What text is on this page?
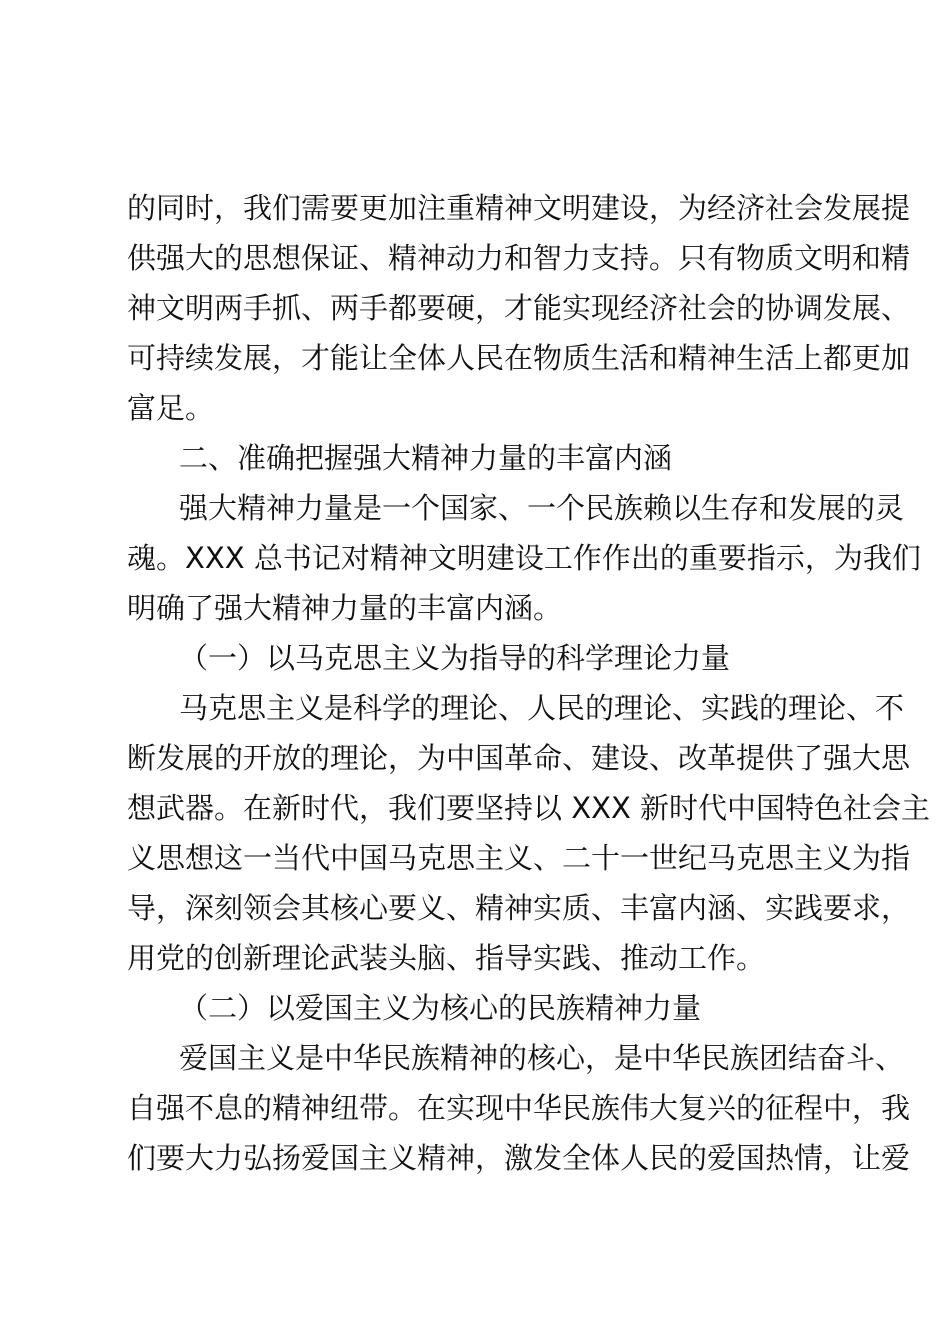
的同时，我们需要更加注重精神文明建设，为经济社会发展提
供强大的思想保证、精神动力和智力支持。只有物质文明和精
神文明两手抓、两手都要硬，才能实现经济社会的协调发展、
可持续发展，才能让全体人民在物质生活和精神生活上都更加
富足。
二、准确把握强大精神力量的丰富内涵
强大精神力量是一个国家、一个民族赖以生存和发展的灵
魂。XXX 总书记对精神文明建设工作作出的重要指示，为我们
明确了强大精神力量的丰富内涵。
（一）以马克思主义为指导的科学理论力量
马克思主义是科学的理论、人民的理论、实践的理论、不
断发展的开放的理论，为中国革命、建设、改革提供了强大思
想武器。在新时代，我们要坚持以 XXX 新时代中国特色社会主
义思想这一当代中国马克思主义、二十一世纪马克思主义为指
导，深刻领会其核心要义、精神实质、丰富内涵、实践要求，
用党的创新理论武装头脑、指导实践、推动工作。
（二）以爱国主义为核心的民族精神力量
爱国主义是中华民族精神的核心，是中华民族团结奋斗、
自强不息的精神纽带。在实现中华民族伟大复兴的征程中，我
们要大力弘扬爱国主义精神，激发全体人民的爱国热情，让爱
